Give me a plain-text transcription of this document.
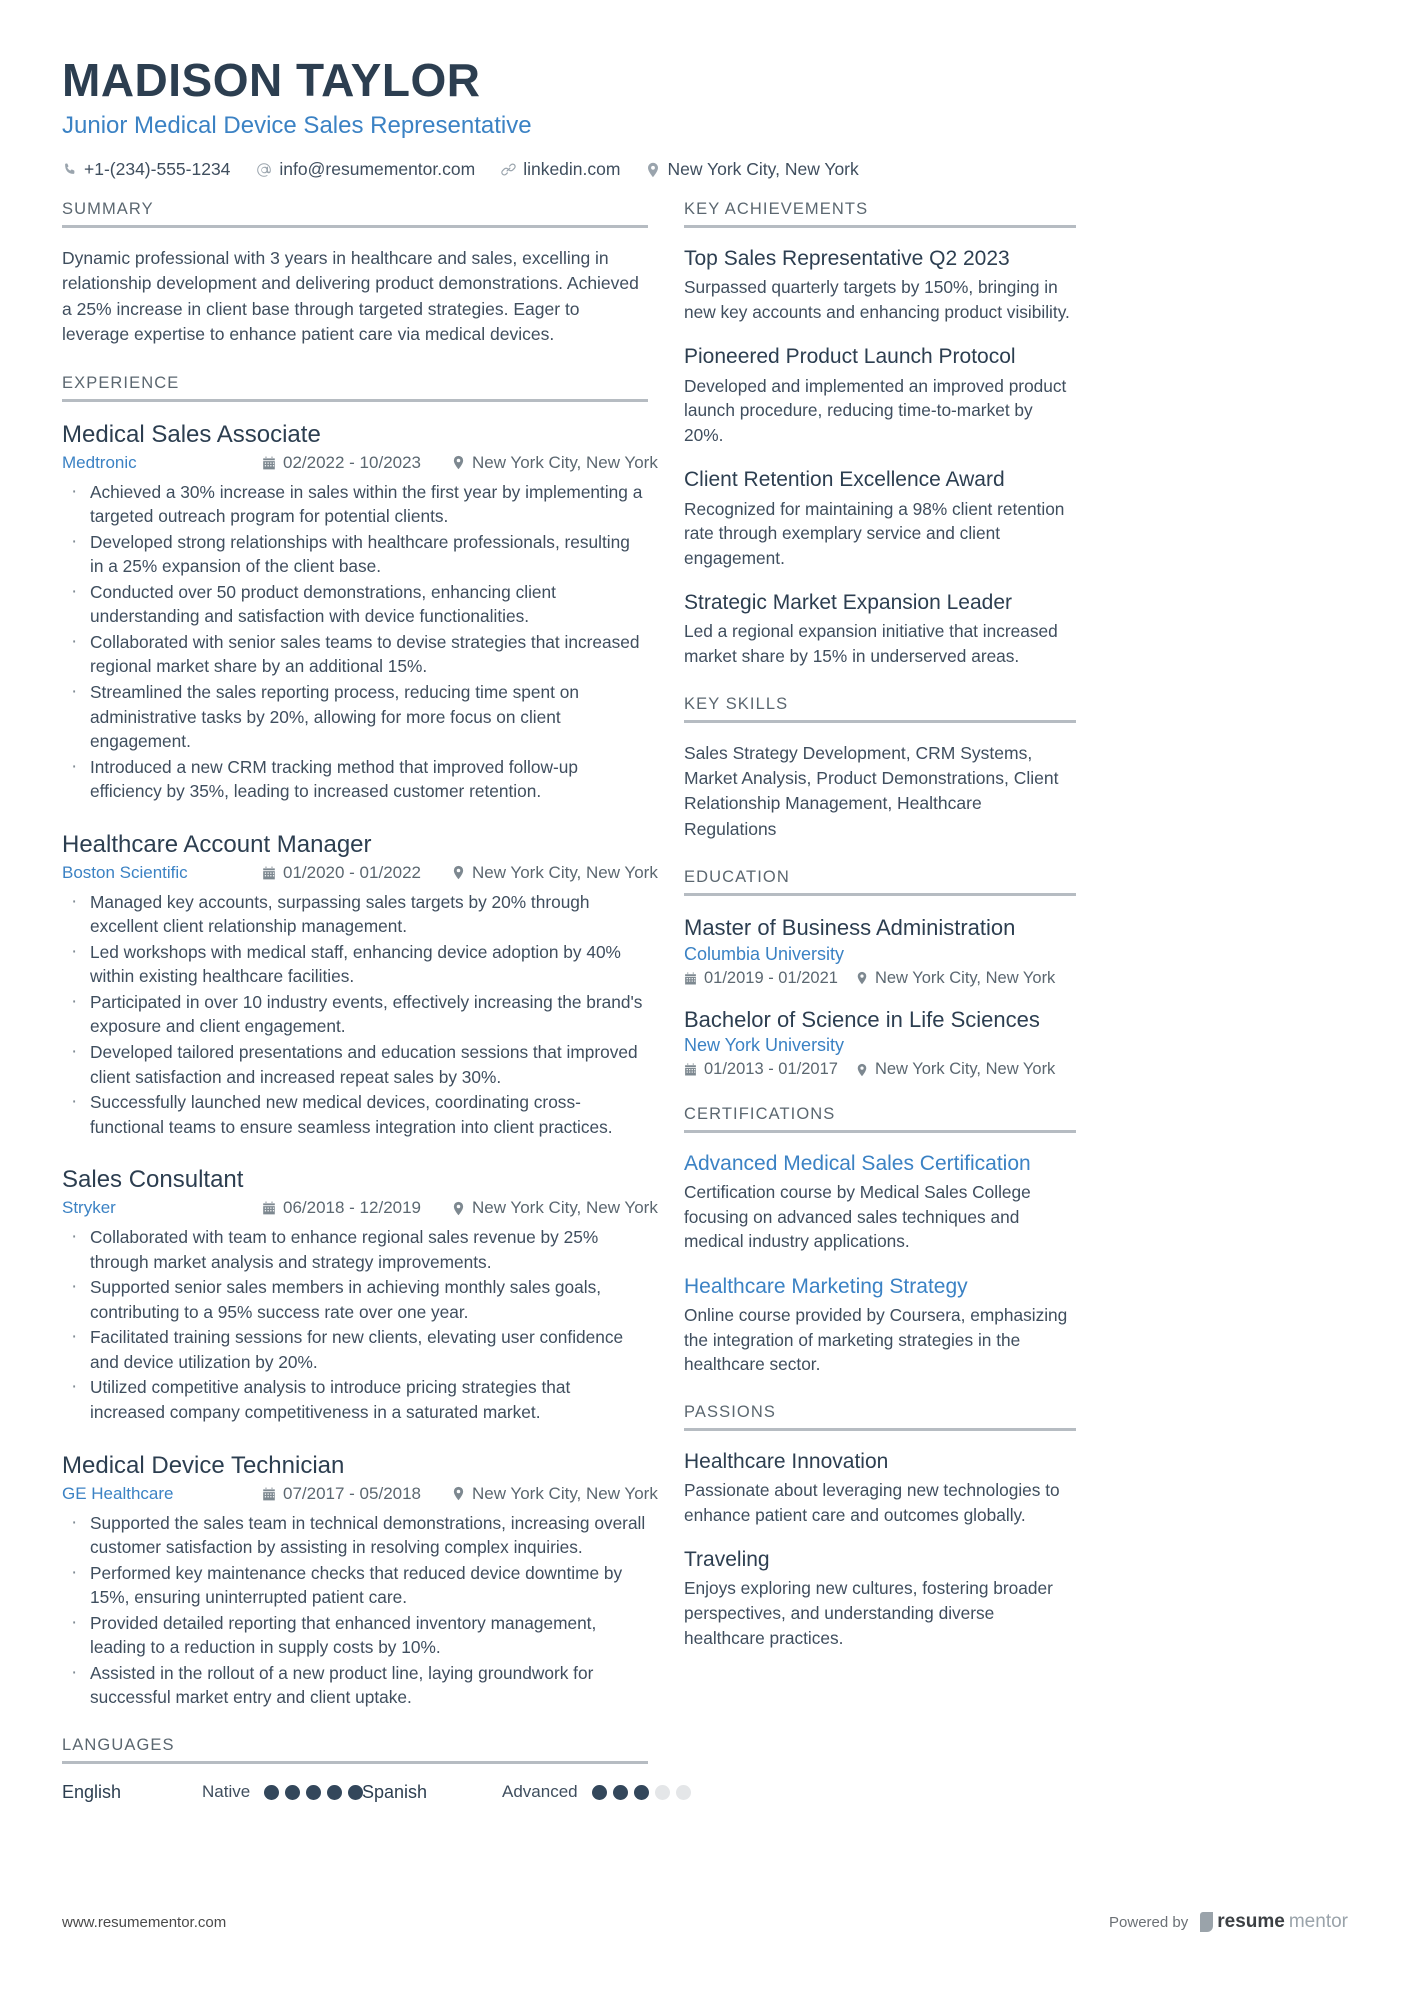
MADISON TAYLOR
Junior Medical Device Sales Representative
+1-(234)-555-1234	info@resumementor.com	linkedin.com	New York City, New York
SUMMARY
Dynamic professional with 3 years in healthcare and sales, excelling in relationship development and delivering product demonstrations. Achieved a 25% increase in client base through targeted strategies. Eager to leverage expertise to enhance patient care via medical devices.
EXPERIENCE
Medical Sales Associate
Medtronic	02/2022 - 10/2023	New York City, New York
· Achieved a 30% increase in sales within the first year by implementing a targeted outreach program for potential clients.
· Developed strong relationships with healthcare professionals, resulting in a 25% expansion of the client base.
· Conducted over 50 product demonstrations, enhancing client understanding and satisfaction with device functionalities.
· Collaborated with senior sales teams to devise strategies that increased regional market share by an additional 15%.
· Streamlined the sales reporting process, reducing time spent on administrative tasks by 20%, allowing for more focus on client engagement.
· Introduced a new CRM tracking method that improved follow-up efficiency by 35%, leading to increased customer retention.
Healthcare Account Manager
Boston Scientific	01/2020 - 01/2022	New York City, New York
· Managed key accounts, surpassing sales targets by 20% through excellent client relationship management.
· Led workshops with medical staff, enhancing device adoption by 40% within existing healthcare facilities.
· Participated in over 10 industry events, effectively increasing the brand's exposure and client engagement.
· Developed tailored presentations and education sessions that improved client satisfaction and increased repeat sales by 30%.
· Successfully launched new medical devices, coordinating cross-functional teams to ensure seamless integration into client practices.
Sales Consultant
Stryker	06/2018 - 12/2019	New York City, New York
· Collaborated with team to enhance regional sales revenue by 25% through market analysis and strategy improvements.
· Supported senior sales members in achieving monthly sales goals, contributing to a 95% success rate over one year.
· Facilitated training sessions for new clients, elevating user confidence and device utilization by 20%.
· Utilized competitive analysis to introduce pricing strategies that increased company competitiveness in a saturated market.
Medical Device Technician
GE Healthcare	07/2017 - 05/2018	New York City, New York
· Supported the sales team in technical demonstrations, increasing overall customer satisfaction by assisting in resolving complex inquiries.
· Performed key maintenance checks that reduced device downtime by 15%, ensuring uninterrupted patient care.
· Provided detailed reporting that enhanced inventory management, leading to a reduction in supply costs by 10%.
· Assisted in the rollout of a new product line, laying groundwork for successful market entry and client uptake.
LANGUAGES
English	Native	Spanish	Advanced
KEY ACHIEVEMENTS
Top Sales Representative Q2 2023
Surpassed quarterly targets by 150%, bringing in new key accounts and enhancing product visibility.
Pioneered Product Launch Protocol
Developed and implemented an improved product launch procedure, reducing time-to-market by 20%.
Client Retention Excellence Award
Recognized for maintaining a 98% client retention rate through exemplary service and client engagement.
Strategic Market Expansion Leader
Led a regional expansion initiative that increased market share by 15% in underserved areas.
KEY SKILLS
Sales Strategy Development, CRM Systems, Market Analysis, Product Demonstrations, Client Relationship Management, Healthcare Regulations
EDUCATION
Master of Business Administration
Columbia University
01/2019 - 01/2021 New York City, New York
Bachelor of Science in Life Sciences
New York University
01/2013 - 01/2017 New York City, New York
CERTIFICATIONS
Advanced Medical Sales Certification
Certification course by Medical Sales College focusing on advanced sales techniques and medical industry applications.
Healthcare Marketing Strategy
Online course provided by Coursera, emphasizing the integration of marketing strategies in the healthcare sector.
PASSIONS
Healthcare Innovation
Passionate about leveraging new technologies to enhance patient care and outcomes globally.
Traveling
Enjoys exploring new cultures, fostering broader perspectives, and understanding diverse healthcare practices.
www.resumementor.com	Powered by resume mentor
